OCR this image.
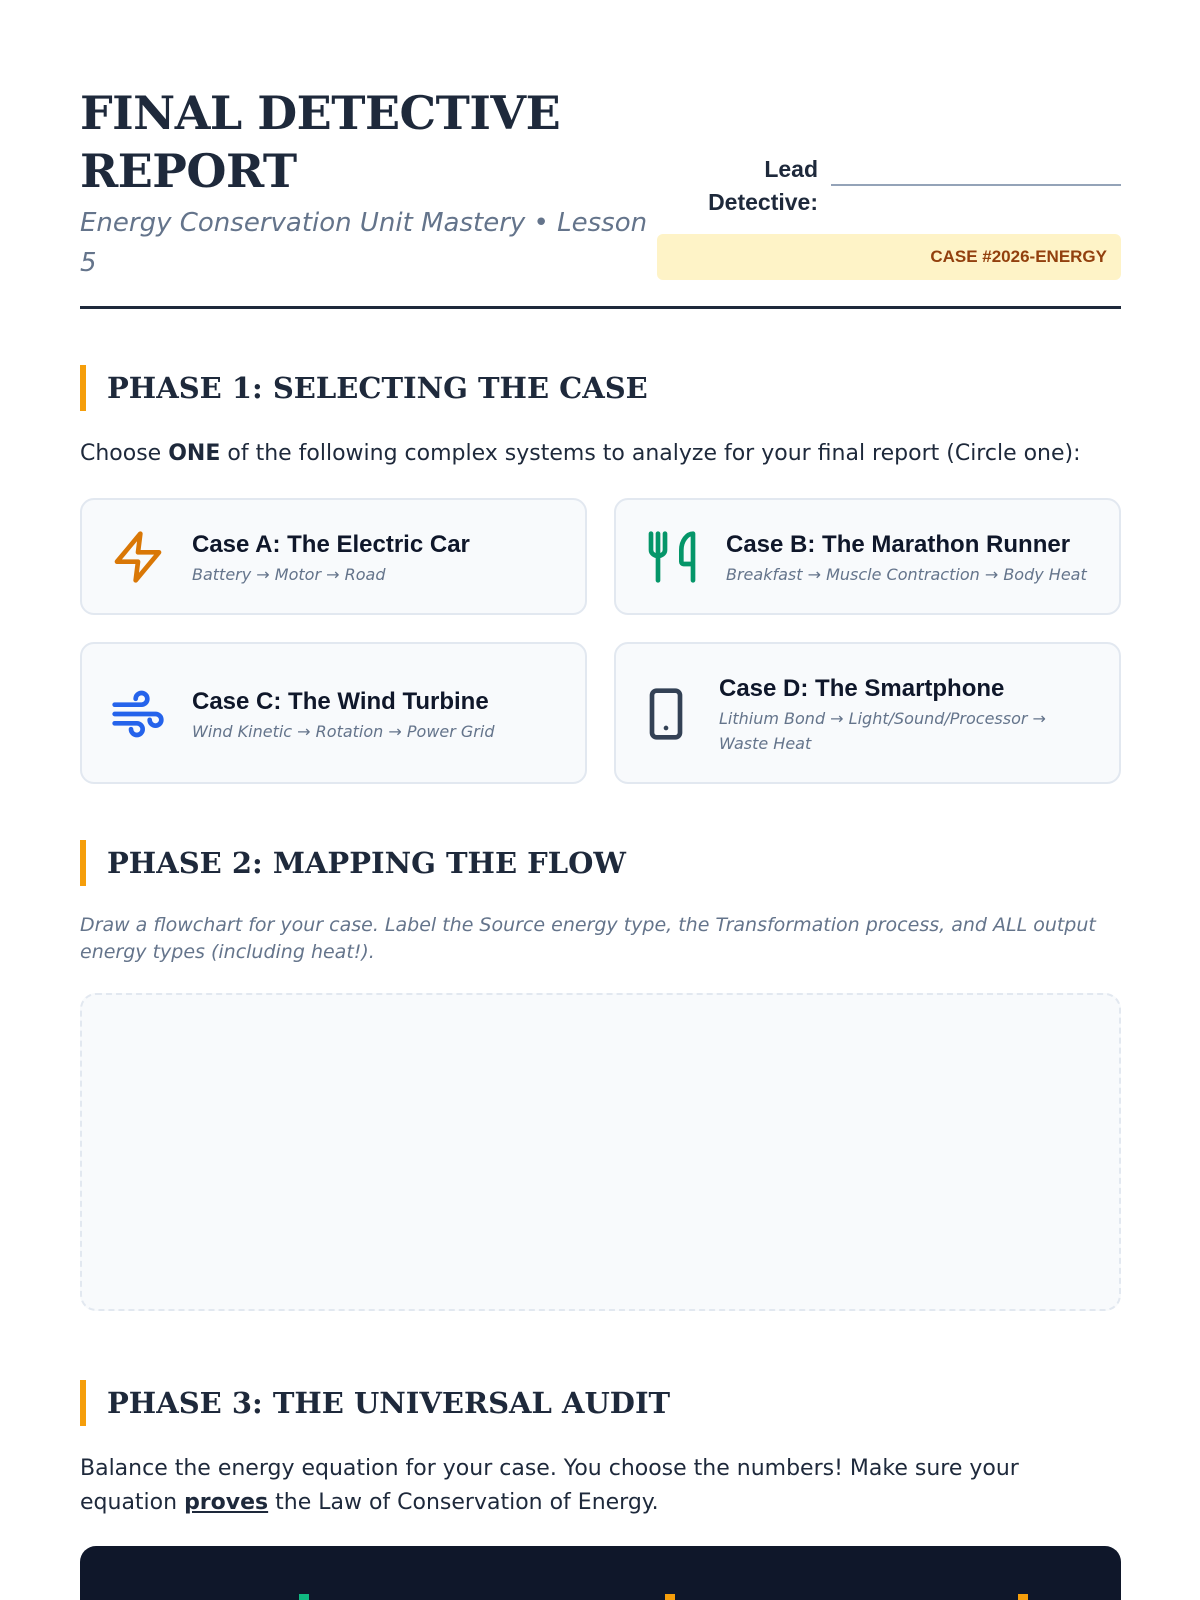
FINAL DETECTIVE
REPORT
Energy Conservation Unit Mastery • Lesson 5
Lead
Detective:
CASE #2026-ENERGY
PHASE 1: SELECTING THE CASE
Choose ONE of the following complex systems to analyze for your final report (Circle one):
Case A: The Electric Car
Battery → Motor → Road
Case B: The Marathon Runner
Breakfast → Muscle Contraction → Body Heat
Case C: The Wind Turbine
Wind Kinetic → Rotation → Power Grid
Case D: The Smartphone
Lithium Bond → Light/Sound/Processor →
Waste Heat
PHASE 2: MAPPING THE FLOW
Draw a flowchart for your case. Label the Source energy type, the Transformation process, and ALL output energy types (including heat!).
PHASE 3: THE UNIVERSAL AUDIT
Balance the energy equation for your case. You choose the numbers! Make sure your equation proves the Law of Conservation of Energy.
